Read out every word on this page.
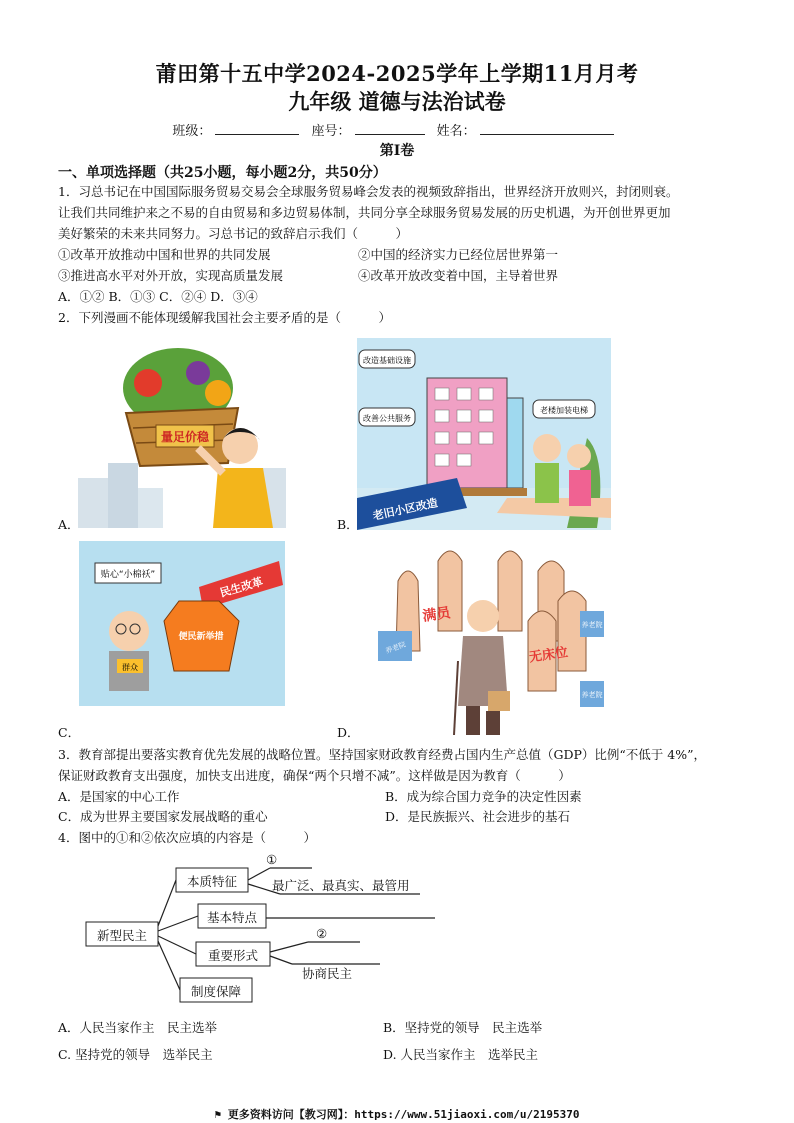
莆田第十五中学2024-2025学年上学期11月月考
九年级 道德与法治试卷
班级：	座号：	姓名：
第Ⅰ卷
一、单项选择题（共25小题，每小题2分，共50分）
1．习总书记在中国国际服务贸易交易会全球服务贸易峰会发表的视频致辞指出，世界经济开放则兴，封闭则衰。
让我们共同维护来之不易的自由贸易和多边贸易体制，共同分享全球服务贸易发展的历史机遇，为开创世界更加
美好繁荣的未来共同努力。习总书记的致辞启示我们（　　　）
①改革开放推动中国和世界的共同发展	②中国的经济实力已经位居世界第一
③推进高水平对外开放，实现高质量发展	④改革开放改变着中国，主导着世界
A．①② B．①③ C．②④ D．③④
2．下列漫画不能体现缓解我国社会主要矛盾的是（　　　）
量足价稳
A．
改造基础设施
老楼加装电梯
改善公共服务
老旧小区改造
B．
贴心“小棉袄”
民生改革
便民新举措
群众
C．
养老院
养老院
养老院
满员
无床位
D．
3．教育部提出要落实教育优先发展的战略位置。坚持国家财政教育经费占国内生产总值（GDP）比例“不低于 4%”，
保证财政教育支出强度，加快支出进度，确保“两个只增不减”。这样做是因为教育（　　　）
A．是国家的中心工作	B．成为综合国力竞争的决定性因素
C．成为世界主要国家发展战略的重心	D．是民族振兴、社会进步的基石
4．图中的①和②依次应填的内容是（　　　）
新型民主
本质特征
基本特点
重要形式
制度保障
①
最广泛、最真实、最管用
②
协商民主
A．人民当家作主　民主选举	B．坚持党的领导　民主选举
C. 坚持党的领导　选举民主	D. 人民当家作主　选举民主
⚑ 更多资料访问【教习网】：https://www.51jiaoxi.com/u/2195370
